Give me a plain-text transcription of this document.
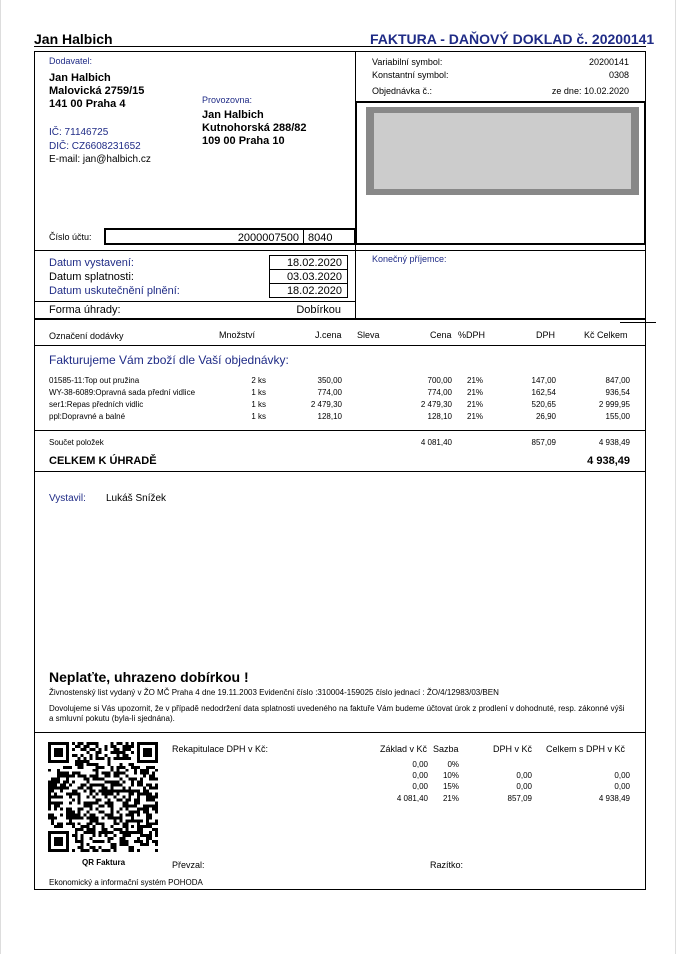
Jan Halbich	FAKTURA - DAŇOVÝ DOKLAD č. 20200141
Dodavatel:
Jan Halbich
Malovická 2759/15
141 00 Praha 4
IČ: 71146725
DIČ: CZ6608231652
E-mail: jan@halbich.cz
Provozovna:
Jan Halbich
Kutnohorská 288/82
109 00 Praha 10
Variabilní symbol:	20200141
Konstantní symbol:	0308
Objednávka č.:	ze dne: 10.02.2020
Číslo účtu:	2000007500 8040
Datum vystavení:	18.02.2020
Datum splatnosti:	03.03.2020
Datum uskutečnění plnění:	18.02.2020
Forma úhrady:	Dobírkou
Konečný příjemce:
Označení dodávky	Množství	J.cena Sleva	Cena %DPH	DPH	Kč Celkem
Fakturujeme Vám zboží dle Vaší objednávky:
01585-11:Top out pružina	2 ks	350,00	700,00 21%	147,00	847,00
WY-38-6089:Opravná sada přední vidlice	1 ks	774,00	774,00 21%	162,54	936,54
ser1:Repas předních vidlic	1 ks	2 479,30	2 479,30 21%	520,65	2 999,95
ppl:Dopravné a balné	1 ks	128,10	128,10 21%	26,90	155,00
Součet položek	4 081,40	857,09	4 938,49
CELKEM K ÚHRADĚ	4 938,49
Vystavil: Lukáš Snížek
Neplaťte, uhrazeno dobírkou !
Živnostenský list vydaný v ŽO MČ Praha 4 dne 19.11.2003 Evidenční číslo :310004-159025 číslo jednací : ŽO/4/12983/03/BEN
Dovolujeme si Vás upozornit, že v případě nedodržení data splatnosti uvedeného na faktuře Vám budeme účtovat úrok z prodlení v dohodnuté, resp. zákonné výši a smluvní pokutu (byla-li sjednána).
Rekapitulace DPH v Kč:	Základ v Kč Sazba	DPH v Kč Celkem s DPH v Kč
0,00 0%
0,00 10%	0,00	0,00
0,00 15%	0,00	0,00
4 081,40 21%	857,09	4 938,49
QR Faktura	Převzal:	Razítko:
Ekonomický a informační systém POHODA
